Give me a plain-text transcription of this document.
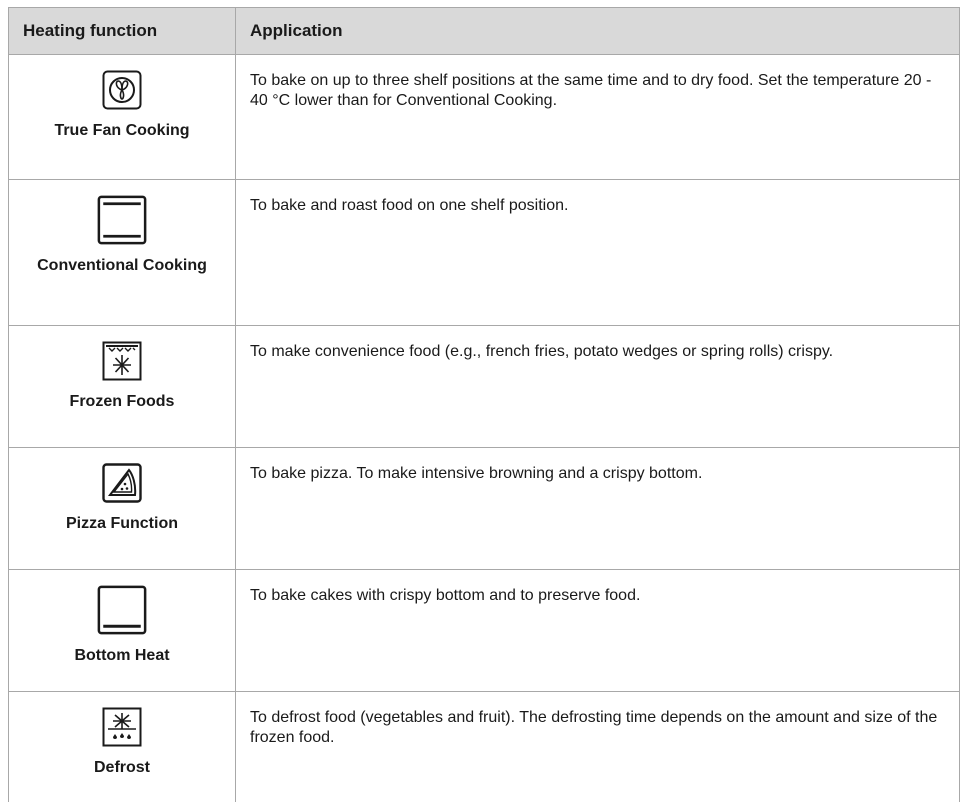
Heating function	Application
True Fan Cooking
To bake on up to three shelf positions at the same time and to dry food. Set the temperature 20 - 40 °C lower than for Conventional Cooking.
Conventional Cooking
To bake and roast food on one shelf position.
Frozen Foods
To make convenience food (e.g., french fries, potato wedges or spring rolls) crispy.
Pizza Function
To bake pizza. To make intensive browning and a crispy bottom.
Bottom Heat
To bake cakes with crispy bottom and to preserve food.
Defrost
To defrost food (vegetables and fruit). The defrosting time depends on the amount and size of the frozen food.
